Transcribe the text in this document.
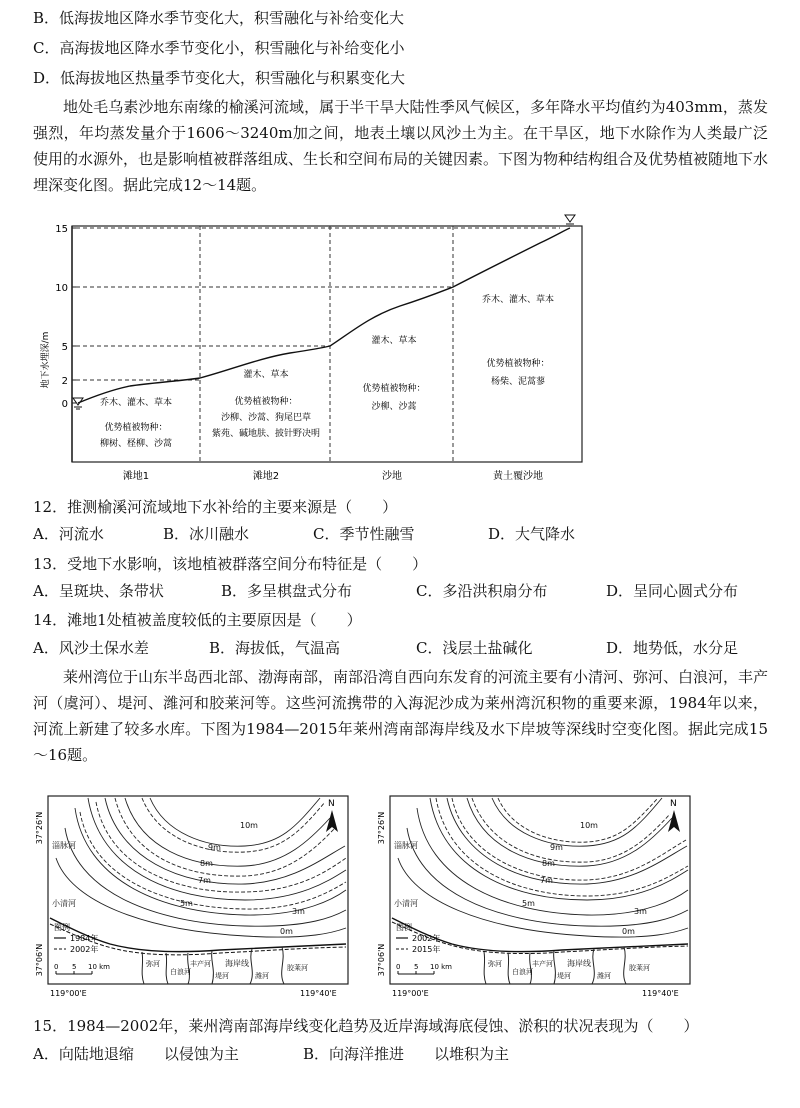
B．低海拔地区降水季节变化大，积雪融化与补给变化大
C．高海拔地区降水季节变化小，积雪融化与补给变化小
D．低海拔地区热量季节变化大，积雪融化与积累变化大
地处毛乌素沙地东南缘的榆溪河流域，属于半干旱大陆性季风气候区，多年降水平均值约为403mm，蒸发强烈，年均蒸发量介于1606～3240m加之间，地表土壤以风沙土为主。在干旱区，地下水除作为人类最广泛使用的水源外，也是影响植被群落组成、生长和空间布局的关键因素。下图为物种结构组合及优势植被随地下水埋深变化图。据此完成12～14题。
地下水埋深/m
15
10
5
2
0	乔木、灌木、草本
优势植被物种：
柳树、柽柳、沙蒿
灌木、草本
优势植被物种：
沙柳、沙蒿、狗尾巴草
紫苑、碱地肤、披针野决明
灌木、草本
优势植被物种：
沙柳、沙蒿
乔木、灌木、草本
优势植被物种：
杨柴、泥蒿蓼
滩地1	滩地2	沙地	黄土覆沙地
12．推测榆溪河流域地下水补给的主要来源是（　　）
A．河流水	B．冰川融水	C．季节性融雪	D．大气降水
13．受地下水影响，该地植被群落空间分布特征是（　　）
A．呈斑块、条带状	B．多呈棋盘式分布	C．多沿洪积扇分布	D．呈同心圆式分布
14．滩地1处植被盖度较低的主要原因是（　　）
A．风沙土保水差	B．海拔低，气温高	C．浅层土盐碱化	D．地势低，水分足
莱州湾位于山东半岛西北部、渤海南部，南部沿湾自西向东发育的河流主要有小清河、弥河、白浪河，丰产河（虞河）、堤河、潍河和胶莱河等。这些河流携带的入海泥沙成为莱州湾沉积物的重要来源，1984年以来，河流上新建了较多水库。下图为1984—2015年莱州湾南部海岸线及水下岸坡等深线时空变化图。据此完成15～16题。
10m
9m
8m
7m
5m
3m
0m
淄脉河
小清河
海岸线
弥河
白浪河
丰产河
堤河	潍河
胶莱河
N
图例
1984年
2002年
0 5 10 km
37°26'N
37°06'N
119°00'E	119°40'E
10m
9m
8m
7m
5m
3m
0m
淄脉河
小清河
海岸线
弥河
白浪河
丰产河
堤河	潍河
胶莱河
N
图例
2002年
2015年
0 5 10 km
37°26'N
37°06'N
119°00'E	119°40'E
15．1984—2002年，莱州湾南部海岸线变化趋势及近岸海域海底侵蚀、淤积的状况表现为（　　）
A．向陆地退缩　　以侵蚀为主	B．向海洋推进　　以堆积为主
